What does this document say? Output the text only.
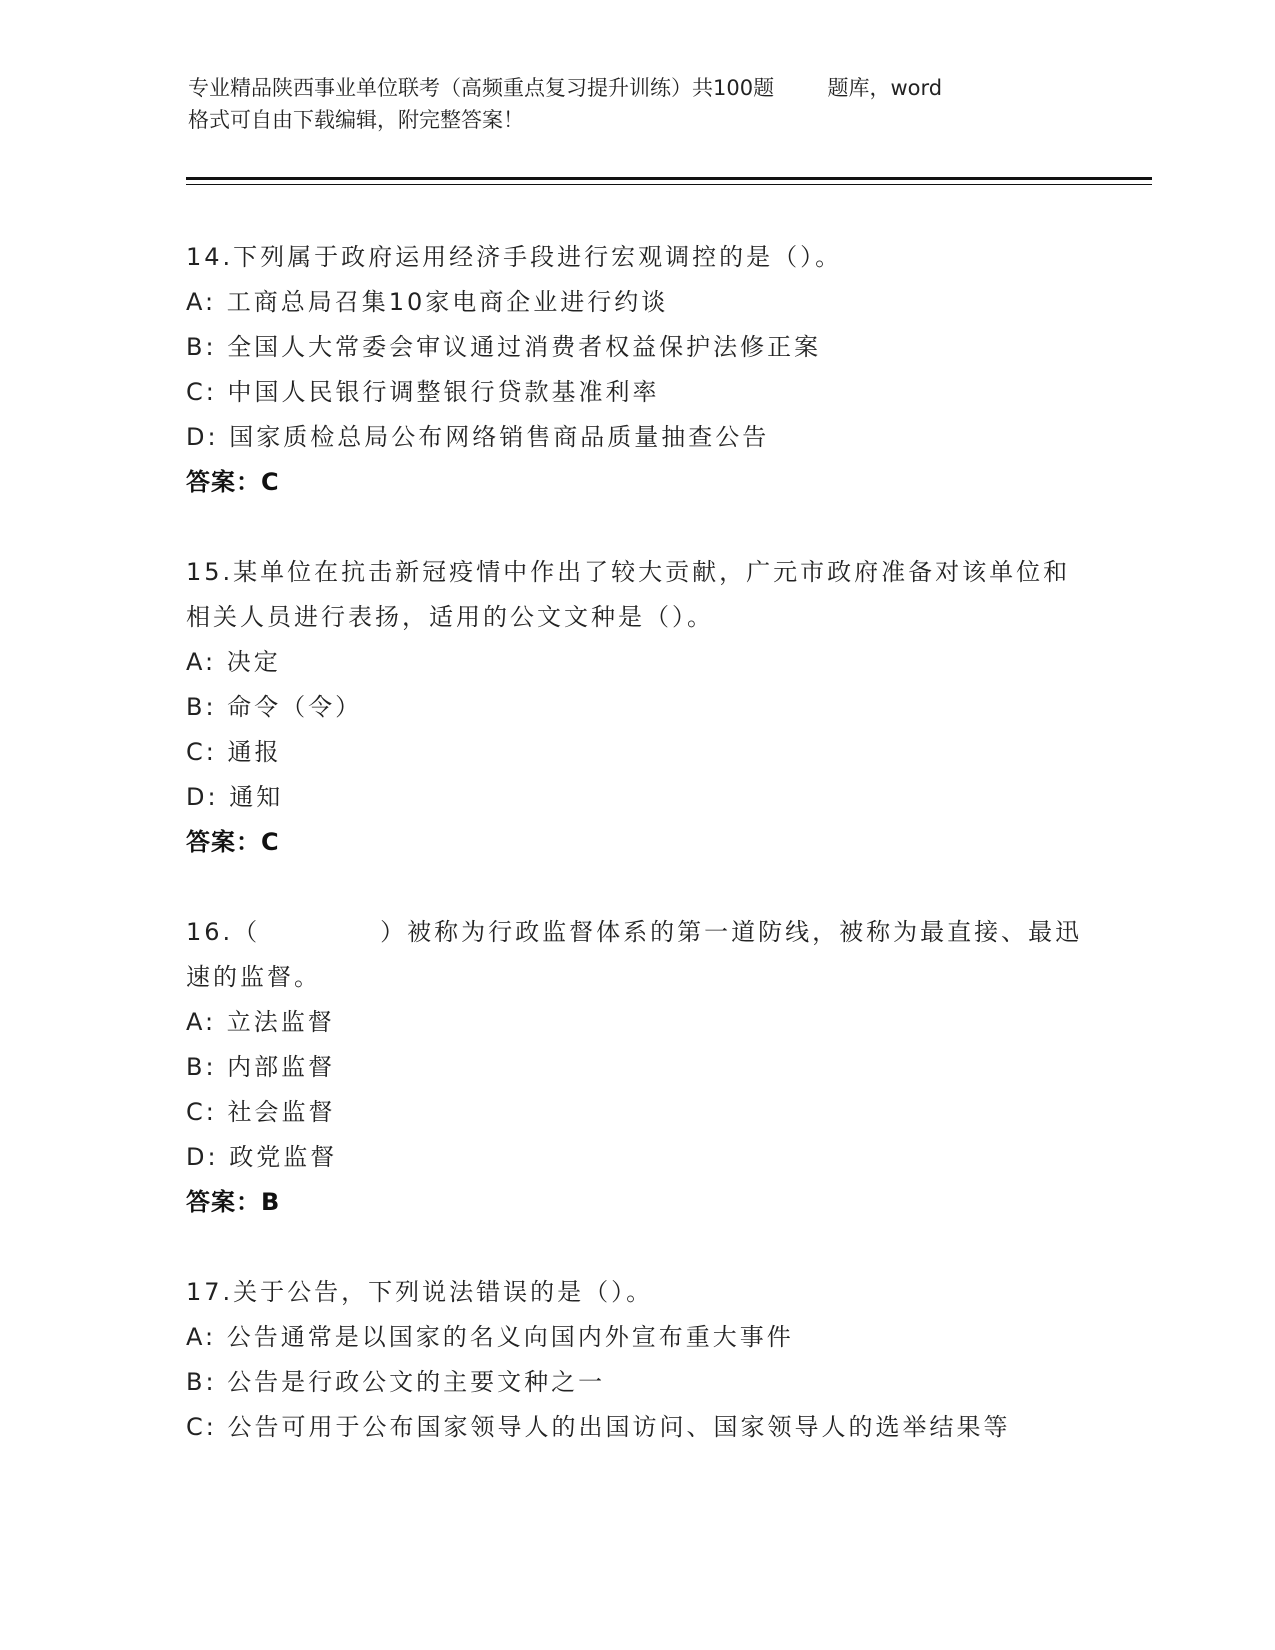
专业精品陕西事业单位联考（高频重点复习提升训练）共100题        题库，word
格式可自由下载编辑，附完整答案！
14.下列属于政府运用经济手段进行宏观调控的是（）。
A: 工商总局召集10家电商企业进行约谈
B: 全国人大常委会审议通过消费者权益保护法修正案
C: 中国人民银行调整银行贷款基准利率
D: 国家质检总局公布网络销售商品质量抽查公告
答案：C
15.某单位在抗击新冠疫情中作出了较大贡献，广元市政府准备对该单位和相关人员进行表扬，适用的公文文种是（）。
A: 决定
B: 命令（令）
C: 通报
D: 通知
答案：C
16.（	）被称为行政监督体系的第一道防线，被称为最直接、最迅速的监督。
A: 立法监督
B: 内部监督
C: 社会监督
D: 政党监督
答案：B
17.关于公告，下列说法错误的是（）。
A: 公告通常是以国家的名义向国内外宣布重大事件
B: 公告是行政公文的主要文种之一
C: 公告可用于公布国家领导人的出国访问、国家领导人的选举结果等
